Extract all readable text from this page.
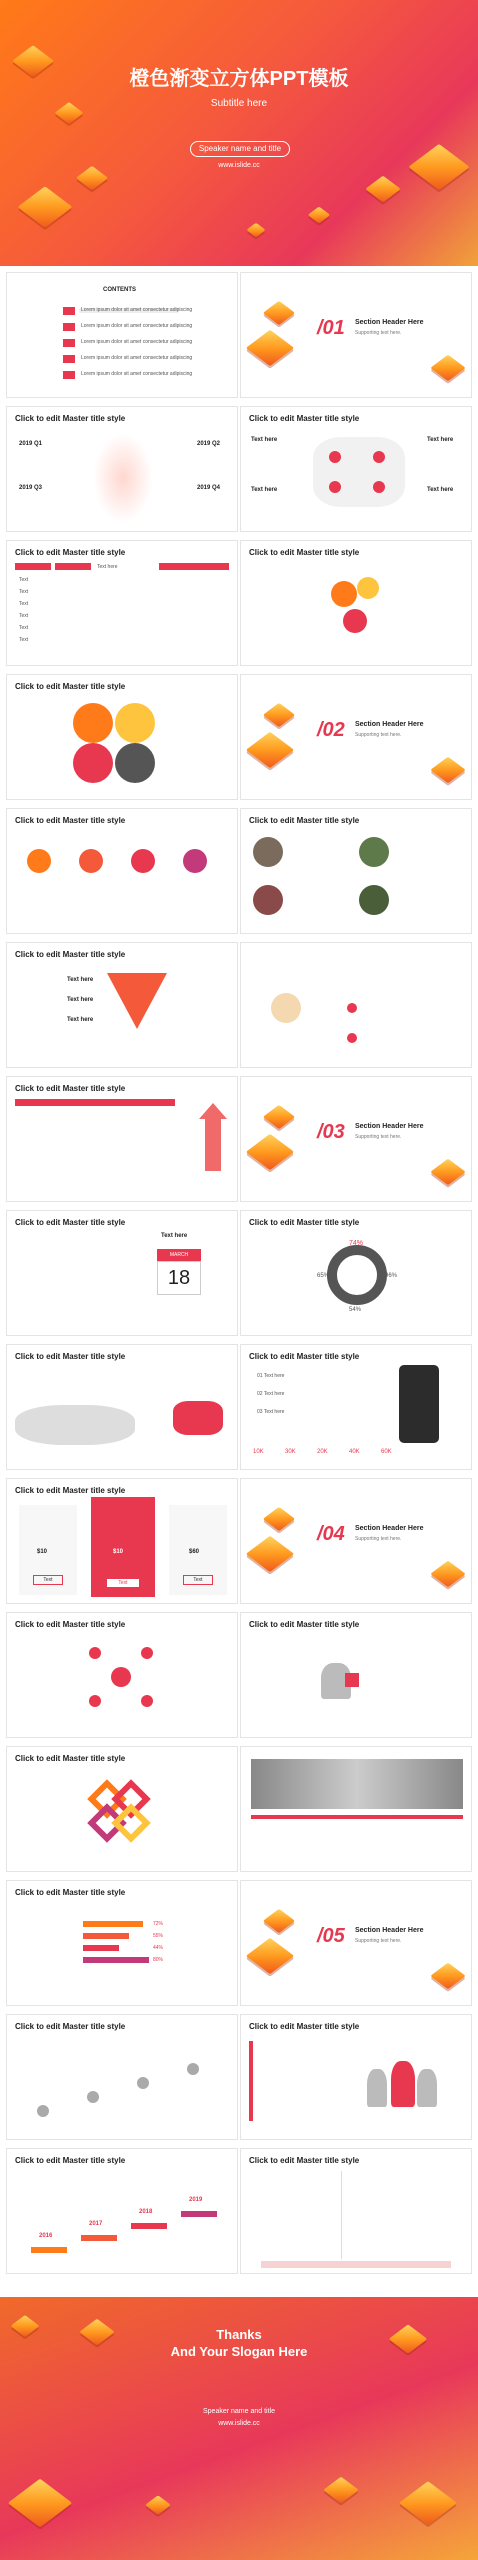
橙色渐变立方体PPT模板
Subtitle here
Speaker name and title
www.islide.cc
CONTENTS
Lorem ipsum dolor sit amet consectetur adipiscing
Lorem ipsum dolor sit amet consectetur adipiscing
Lorem ipsum dolor sit amet consectetur adipiscing
Lorem ipsum dolor sit amet consectetur adipiscing
Lorem ipsum dolor sit amet consectetur adipiscing
/01 Section Header Here
Supporting text here.
Click to edit Master title style
2019 Q1	2019 Q2
2019 Q3	2019 Q4
Click to edit Master title style
Text here	Text here
Text here	Text here
Click to edit Master title style
Text here
Text
Text
Text
Text
Text
Text
Click to edit Master title style
Click to edit Master title style
/02 Section Header Here
Supporting text here.
Click to edit Master title style	Click to edit Master title style
Click to edit Master title style
Text here
Text here
Text here
Click to edit Master title style
/03 Section Header Here
Supporting text here.
Click to edit Master title style
MARCH
18
Text here
Click to edit Master title style
74%
65%	96%
54%
Click to edit Master title style	Click to edit Master title style
01 Text here
02 Text here
03 Text here
10K	30K	20K	40K	60K
Click to edit Master title style
$10	$10	$60
Text	Text	Text
/04 Section Header Here
Supporting text here.
Click to edit Master title style	Click to edit Master title style
Click to edit Master title style
Click to edit Master title style
72%
55%
44%
80%
/05 Section Header Here
Supporting text here.
Click to edit Master title style	Click to edit Master title style
Click to edit Master title style
2016
2017
2018
2019
Click to edit Master title style
Thanks
And Your Slogan Here
Speaker name and title
www.islide.cc
